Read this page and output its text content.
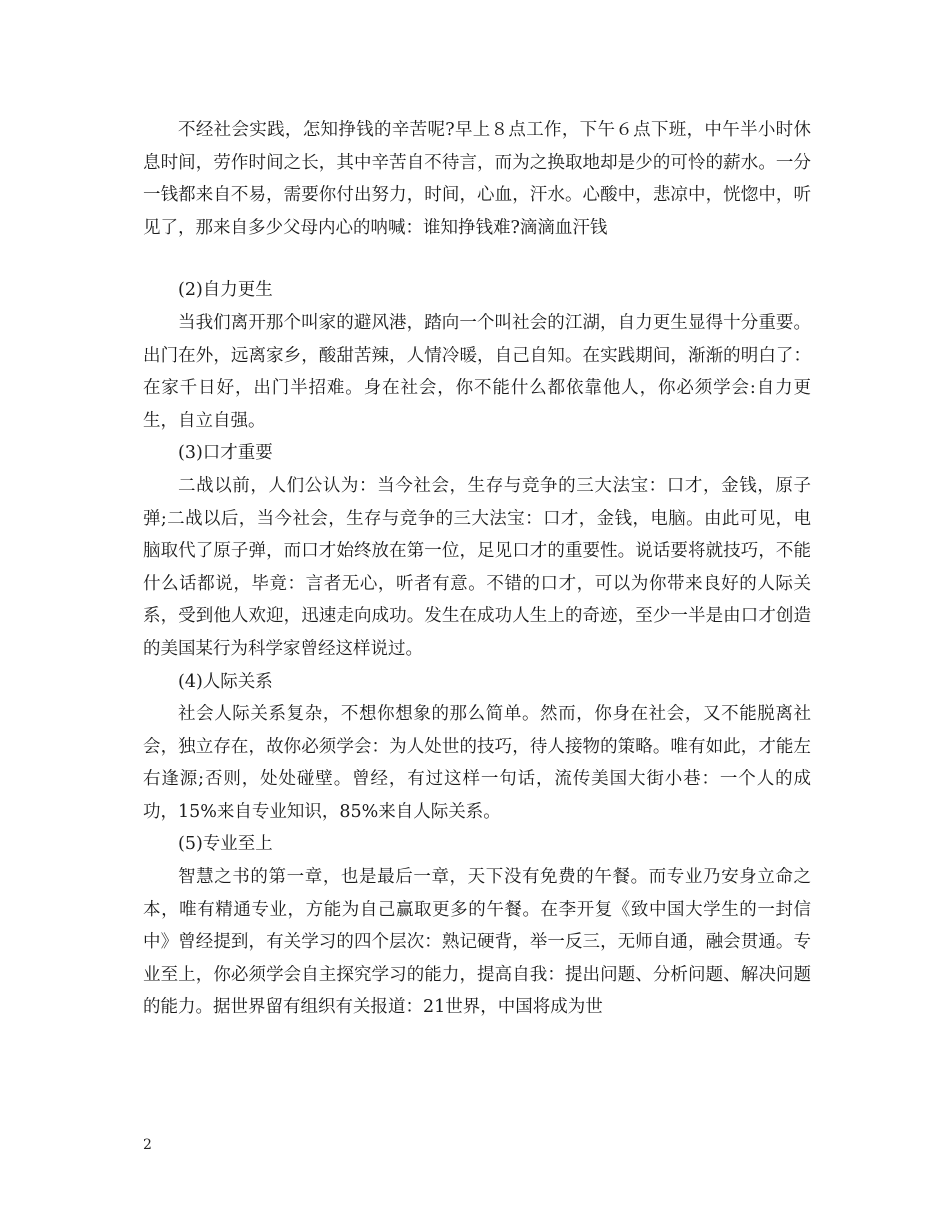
不经社会实践，怎知挣钱的辛苦呢?早上８点工作，下午６点下班，中午半小时休息时间，劳作时间之长，其中辛苦自不待言，而为之换取地却是少的可怜的薪水。一分一钱都来自不易，需要你付出努力，时间，心血，汗水。心酸中，悲凉中，恍惚中，听见了，那来自多少父母内心的呐喊：谁知挣钱难?滴滴血汗钱

(2)自力更生

当我们离开那个叫家的避风港，踏向一个叫社会的江湖，自力更生显得十分重要。出门在外，远离家乡，酸甜苦辣，人情冷暖，自己自知。在实践期间，渐渐的明白了：在家千日好，出门半招难。身在社会，你不能什么都依靠他人，你必须学会:自力更生，自立自强。

(3)口才重要

二战以前，人们公认为：当今社会，生存与竞争的三大法宝：口才，金钱，原子弹;二战以后，当今社会，生存与竞争的三大法宝：口才，金钱，电脑。由此可见，电脑取代了原子弹，而口才始终放在第一位，足见口才的重要性。说话要将就技巧，不能什么话都说，毕竟：言者无心，听者有意。不错的口才，可以为你带来良好的人际关系，受到他人欢迎，迅速走向成功。发生在成功人生上的奇迹，至少一半是由口才创造的美国某行为科学家曾经这样说过。

(4)人际关系

社会人际关系复杂，不想你想象的那么简单。然而，你身在社会，又不能脱离社会，独立存在，故你必须学会：为人处世的技巧，待人接物的策略。唯有如此，才能左右逢源;否则，处处碰壁。曾经，有过这样一句话，流传美国大街小巷：一个人的成功，15%来自专业知识，85%来自人际关系。

(5)专业至上

智慧之书的第一章，也是最后一章，天下没有免费的午餐。而专业乃安身立命之本，唯有精通专业，方能为自己赢取更多的午餐。在李开复《致中国大学生的一封信中》曾经提到，有关学习的四个层次：熟记硬背，举一反三，无师自通，融会贯通。专业至上，你必须学会自主探究学习的能力，提高自我：提出问题、分析问题、解决问题的能力。据世界留有组织有关报道：21世界，中国将成为世

2
